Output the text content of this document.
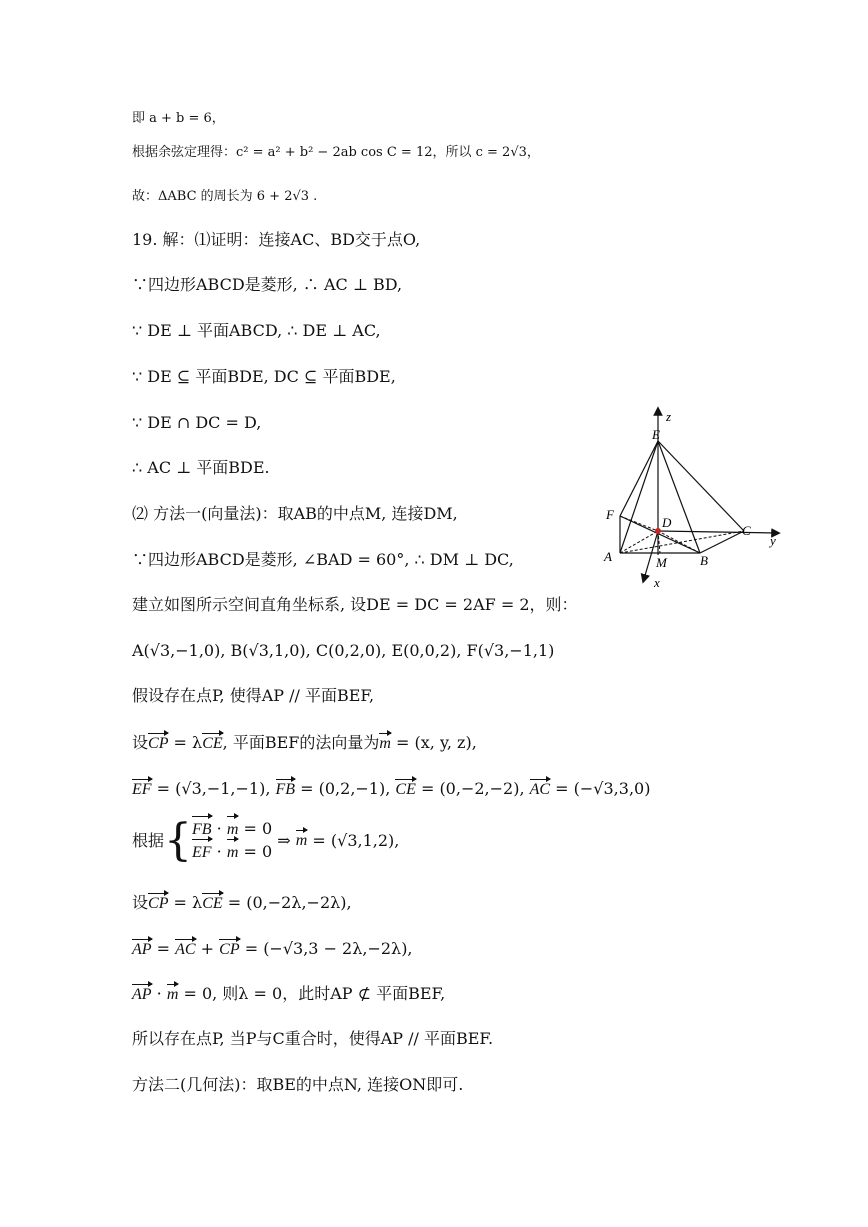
即 a + b = 6，
根据余弦定理得：c² = a² + b² − 2ab cos C = 12，所以 c = 2√3，
故：ΔABC 的周长为 6 + 2√3 .
19. 解：⑴证明：连接AC、BD交于点O,
∵四边形ABCD是菱形, ∴ AC ⊥ BD,
∵ DE ⊥ 平面ABCD, ∴ DE ⊥ AC,
∵ DE ⊆ 平面BDE, DC ⊆ 平面BDE,
∵ DE ∩ DC = D,
∴ AC ⊥ 平面BDE.
⑵ 方法一(向量法)：取AB的中点M, 连接DM,
∵四边形ABCD是菱形, ∠BAD = 60°, ∴ DM ⊥ DC,
建立如图所示空间直角坐标系, 设DE = DC = 2AF = 2，则：
A(√3,−1,0), B(√3,1,0), C(0,2,0), E(0,0,2), F(√3,−1,1)
假设存在点P, 使得AP // 平面BEF,
设CP = λCE, 平面BEF的法向量为m = (x, y, z),
EF = (√3,−1,−1), FB = (0,2,−1), CE = (0,−2,−2), AC = (−√3,3,0)
根据{ FB · m = 0
EF · m = 0
⇒ m = (√3,1,2),
设CP = λCE = (0,−2λ,−2λ),
AP = AC + CP = (−√3,3 − 2λ,−2λ),
AP · m = 0, 则λ = 0，此时AP ⊄ 平面BEF,
所以存在点P, 当P与C重合时，使得AP // 平面BEF.
方法二(几何法)：取BE的中点N, 连接ON即可.
z
E
F
D
C
y
A	M	B
x
